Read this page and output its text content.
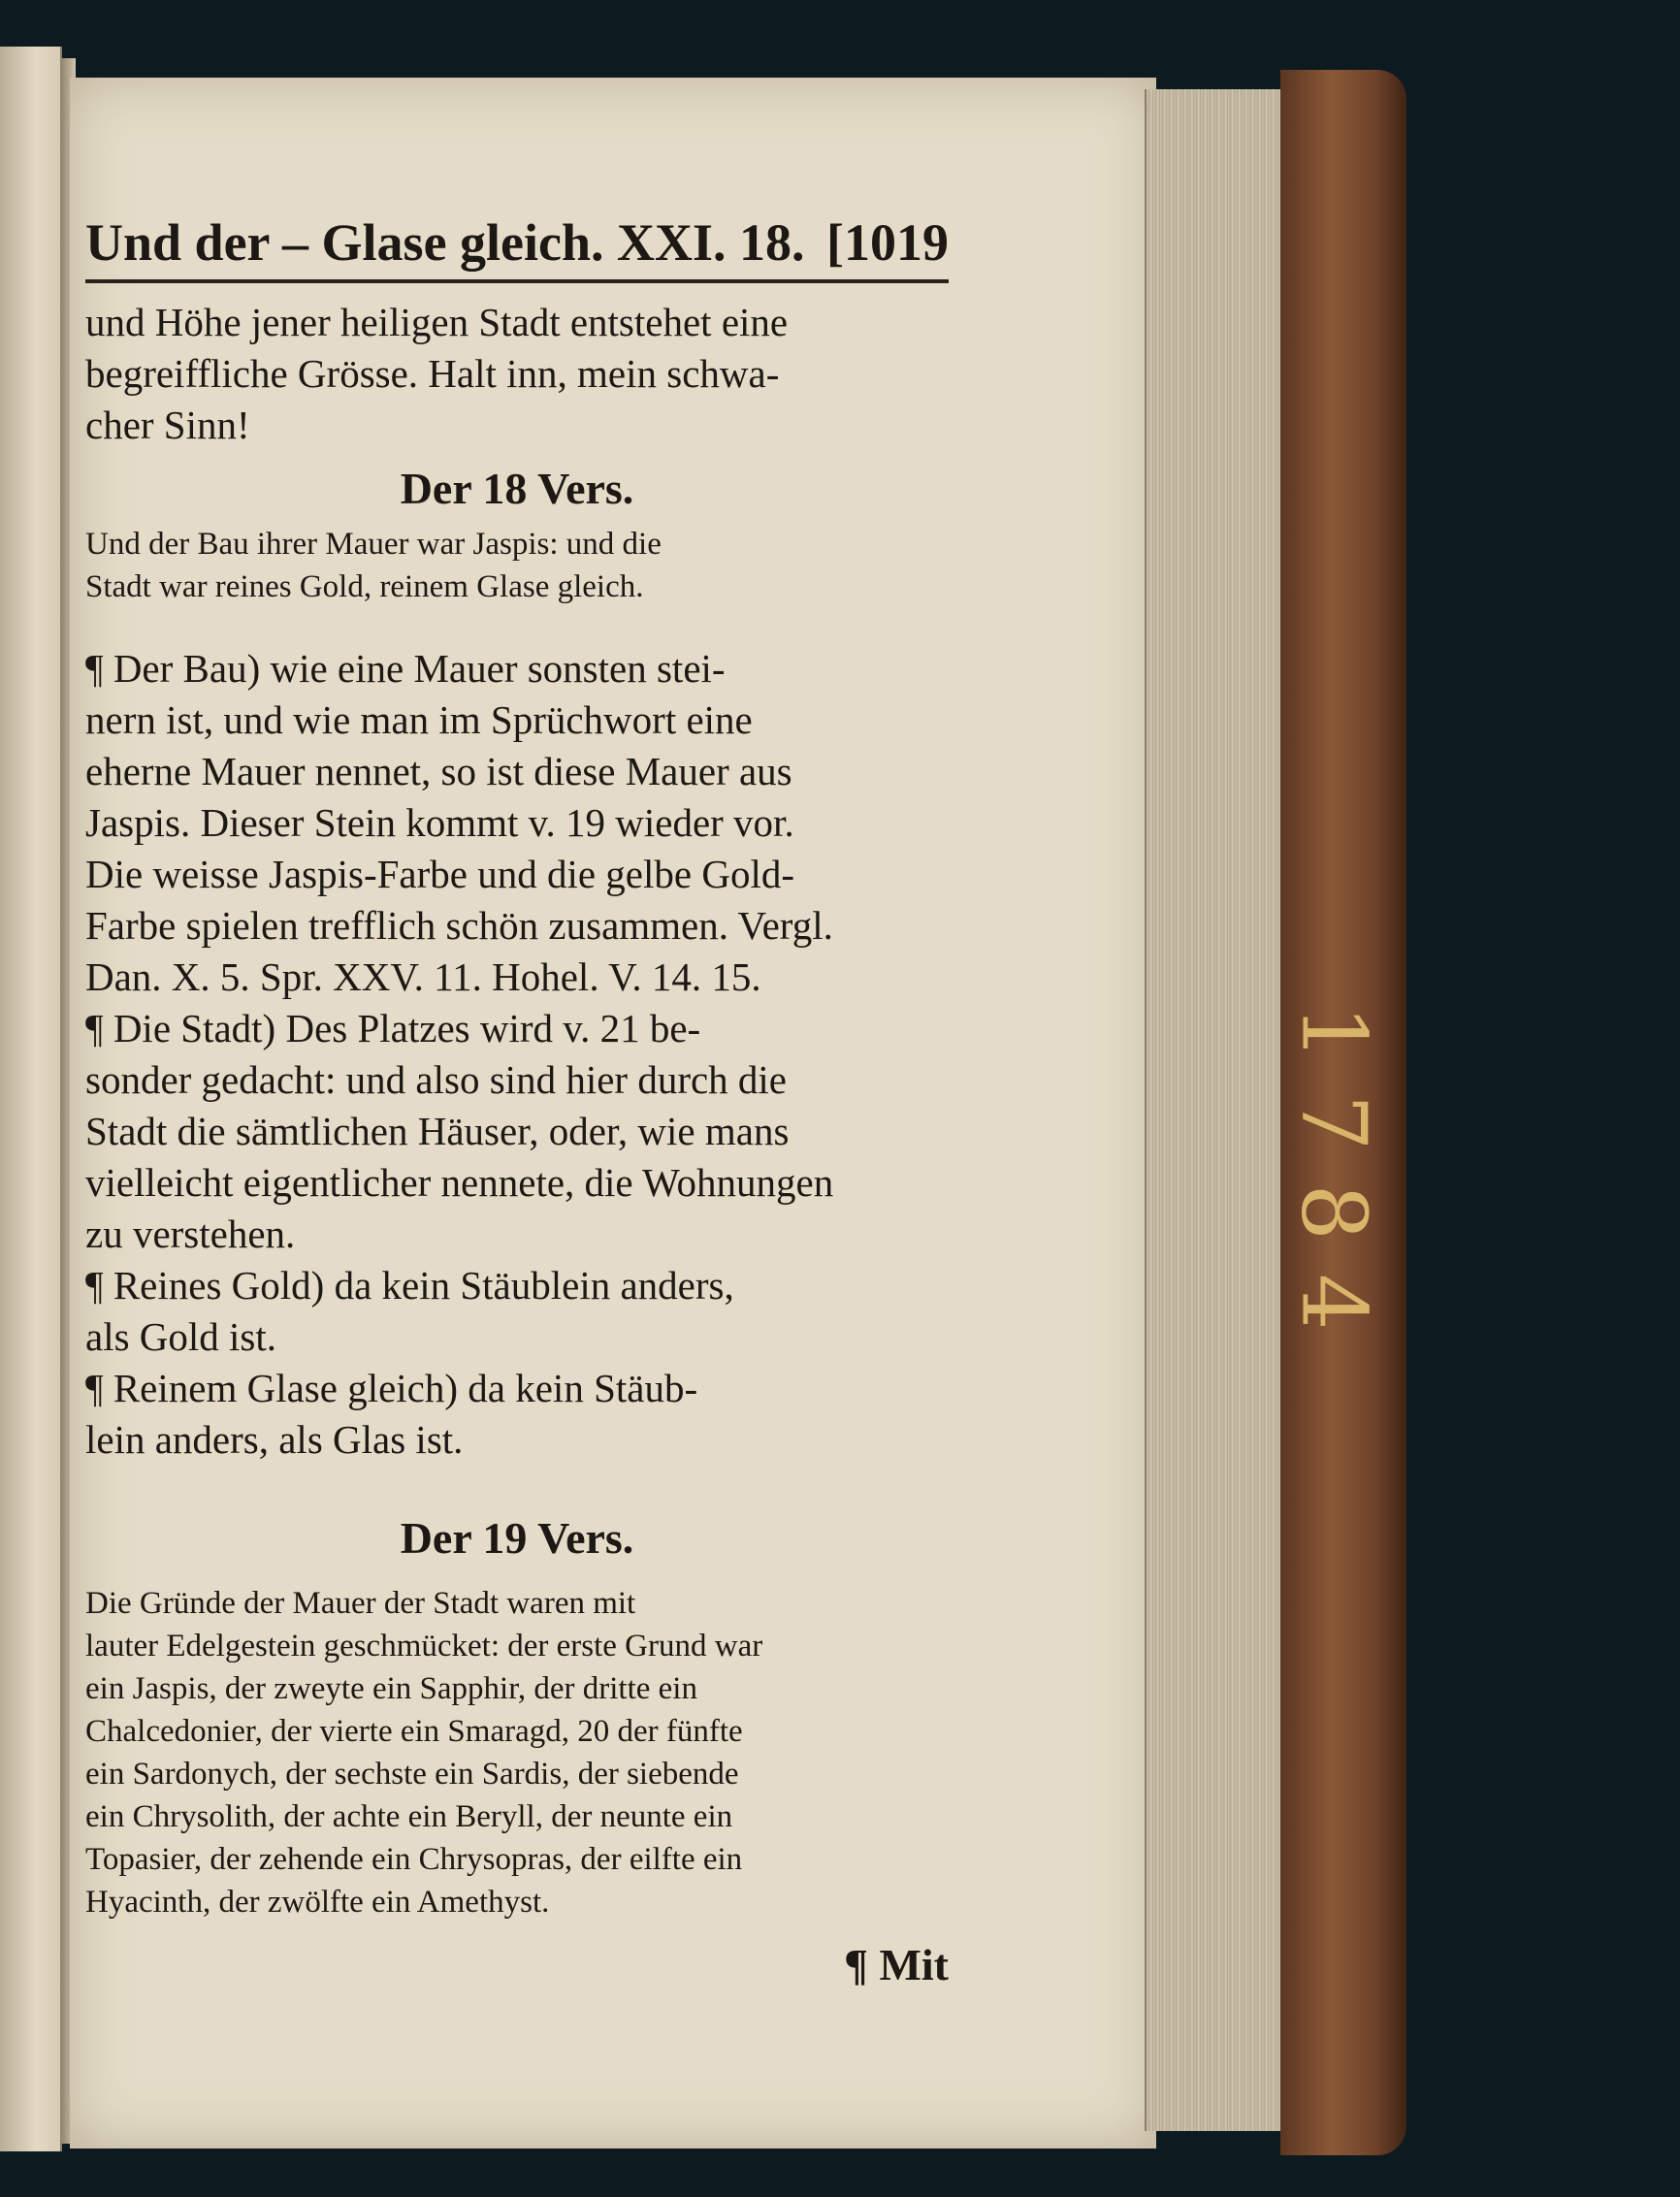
1784
Und der – Glase gleich. XXI. 18. [1019

und Höhe jener heiligen Stadt entstehet eine

begreiffliche Grösse. Halt inn, mein schwa-

cher Sinn!

Der 18 Vers.

Und der Bau ihrer Mauer war Jaspis: und die

Stadt war reines Gold, reinem Glase gleich.

¶ Der Bau) wie eine Mauer sonsten stei-

nern ist, und wie man im Sprüchwort eine

eherne Mauer nennet, so ist diese Mauer aus

Jaspis. Dieser Stein kommt v. 19 wieder vor.

Die weisse Jaspis-Farbe und die gelbe Gold-

Farbe spielen trefflich schön zusammen. Vergl.

Dan. X. 5. Spr. XXV. 11. Hohel. V. 14. 15.

¶ Die Stadt) Des Platzes wird v. 21 be-

sonder gedacht: und also sind hier durch die

Stadt die sämtlichen Häuser, oder, wie mans

vielleicht eigentlicher nennete, die Wohnungen

zu verstehen.

¶ Reines Gold) da kein Stäublein anders,

als Gold ist.

¶ Reinem Glase gleich) da kein Stäub-

lein anders, als Glas ist.

Der 19 Vers.

Die Gründe der Mauer der Stadt waren mit

lauter Edelgestein geschmücket: der erste Grund war

ein Jaspis, der zweyte ein Sapphir, der dritte ein

Chalcedonier, der vierte ein Smaragd, 20 der fünfte

ein Sardonych, der sechste ein Sardis, der siebende

ein Chrysolith, der achte ein Beryll, der neunte ein

Topasier, der zehende ein Chrysopras, der eilfte ein

Hyacinth, der zwölfte ein Amethyst.

¶ Mit
